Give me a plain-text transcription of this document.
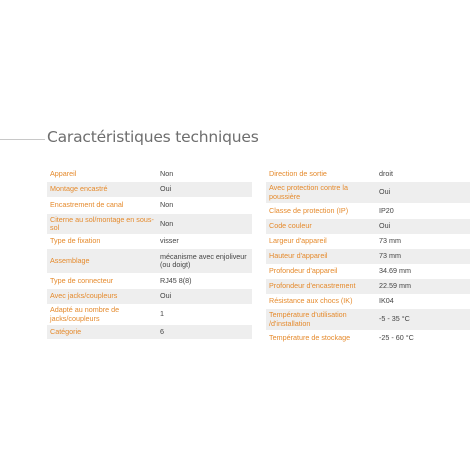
Caractéristiques techniques
Appareil	Non
Montage encastré	Oui
Encastrement de canal	Non
Citerne au sol/montage en sous-sol	Non
Type de fixation	visser
Assemblage	mécanisme avec enjoliveur (ou doigt)
Type de connecteur	RJ45 8(8)
Avec jacks/coupleurs	Oui
Adapté au nombre de jacks/coupleurs	1
Catégorie	6
Direction de sortie	droit
Avec protection contre la poussière	Oui
Classe de protection (IP)	IP20
Code couleur	Oui
Largeur d'appareil	73 mm
Hauteur d'appareil	73 mm
Profondeur d'appareil	34.69 mm
Profondeur d'encastrement	22.59 mm
Résistance aux chocs (IK)	IK04
Température d'utilisation /d'installation	-5 - 35 °C
Température de stockage	-25 - 60 °C
